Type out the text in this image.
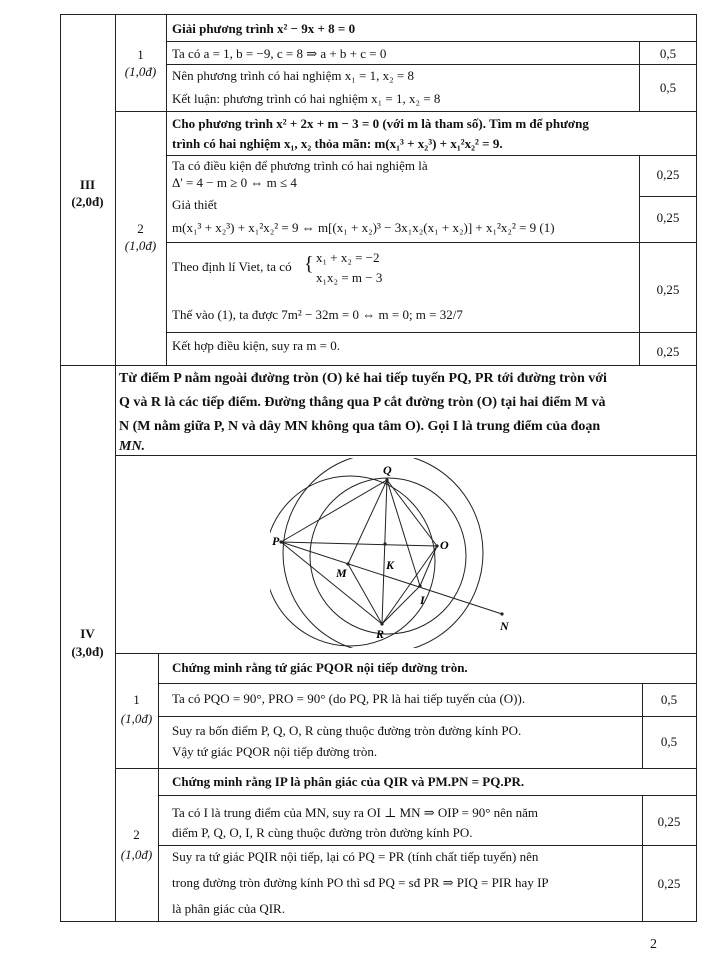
III
(2,0đ)
1
(1,0đ)
Giải phương trình x² − 9x + 8 = 0
Ta có a = 1, b = −9, c = 8 ⇒ a + b + c = 0
Nên phương trình có hai nghiệm x₁ = 1, x₂ = 8
Kết luận: phương trình có hai nghiệm x₁ = 1, x₂ = 8
0,5
0,5
2
(1,0đ)
Cho phương trình x² + 2x + m − 3 = 0 (với m là tham số). Tìm m để phương
trình có hai nghiệm x₁, x₂ thỏa mãn: m(x₁³ + x₂³) + x₁²x₂² = 9.
Ta có điều kiện để phương trình có hai nghiệm là
Δ' = 4 − m ≥ 0 ⇔ m ≤ 4
Giả thiết
m(x₁³ + x₂³) + x₁²x₂² = 9 ⇔ m[(x₁ + x₂)³ − 3x₁x₂(x₁ + x₂)] + x₁²x₂² = 9 (1)
Theo định lí Viet, ta có { x₁ + x₂ = −2
x₁x₂ = m − 3
Thế vào (1), ta được 7m² − 32m = 0 ⇔ m = 0; m = 32/7
Kết hợp điều kiện, suy ra m = 0.
0,25
0,25
0,25
0,25
IV
(3,0đ)
Từ điểm P nằm ngoài đường tròn (O) kẻ hai tiếp tuyến PQ, PR tới đường tròn với
Q và R là các tiếp điểm. Đường thẳng qua P cắt đường tròn (O) tại hai điểm M và
N (M nằm giữa P, N và dây MN không qua tâm O). Gọi I là trung điểm của đoạn
MN.
Q
P	O
K
M
I
R
N
1
(1,0đ)
Chứng minh rằng tứ giác PQOR nội tiếp đường tròn.
Ta có PQO = 90°, PRO = 90° (do PQ, PR là hai tiếp tuyến của (O)).
Suy ra bốn điểm P, Q, O, R cùng thuộc đường tròn đường kính PO.
Vậy tứ giác PQOR nội tiếp đường tròn.
0,5
0,5
2
(1,0đ)
Chứng minh rằng IP là phân giác của QIR và PM.PN = PQ.PR.
Ta có I là trung điểm của MN, suy ra OI ⊥ MN ⇒ OIP = 90° nên năm
điểm P, Q, O, I, R cùng thuộc đường tròn đường kính PO.
Suy ra tứ giác PQIR nội tiếp, lại có PQ = PR (tính chất tiếp tuyến) nên
trong đường tròn đường kính PO thì sđ PQ = sđ PR ⇒ PIQ = PIR hay IP
là phân giác của QIR.
0,25
0,25
2
